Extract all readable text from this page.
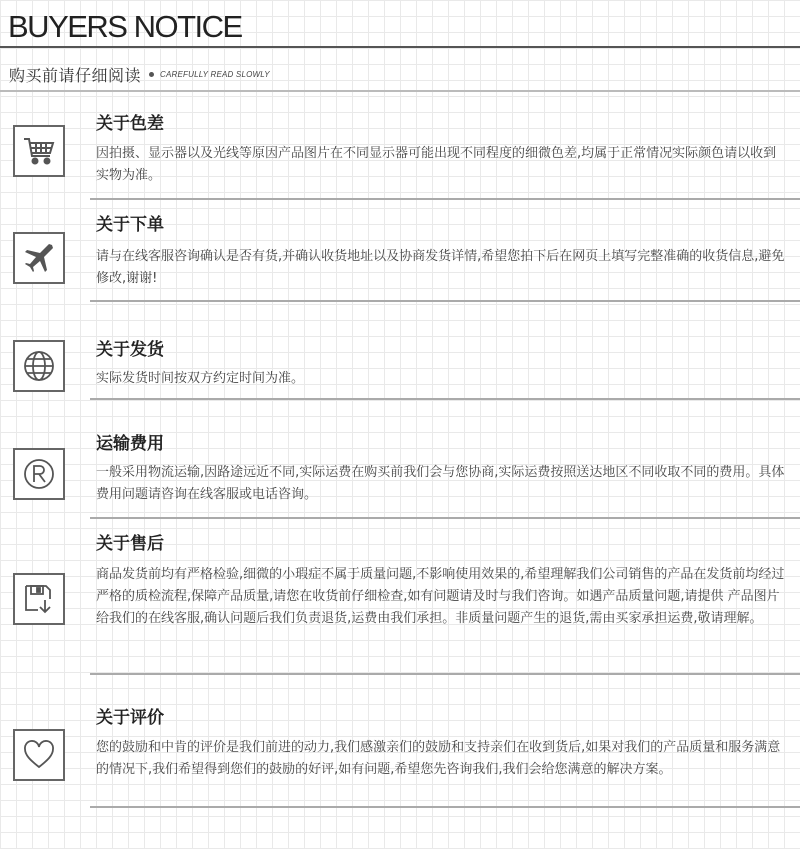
BUYERS NOTICE
购买前请仔细阅读 CAREFULLY READ SLOWLY
关于色差
因拍摄、显示器以及光线等原因产品图片在不同显示器可能出现不同程度的细微色差,均属于正常情况实际颜色请以收到实物为准。
关于下单
请与在线客服咨询确认是否有货,并确认收货地址以及协商发货详情,希望您拍下后在网页上填写完整准确的收货信息,避免修改,谢谢!
关于发货
实际发货时间按双方约定时间为准。
运输费用
一般采用物流运输,因路途远近不同,实际运费在购买前我们会与您协商,实际运费按照送达地区不同收取不同的费用。具体费用问题请咨询在线客服或电话咨询。
关于售后
商品发货前均有严格检验,细微的小瑕症不属于质量问题,不影响使用效果的,希望理解我们公司销售的产品在发货前均经过严格的质检流程,保障产品质量,请您在收货前仔细检查,如有问题请及时与我们咨询。如遇产品质量问题,请提供 产品图片给我们的在线客服,确认问题后我们负责退货,运费由我们承担。非质量问题产生的退货,需由买家承担运费,敬请理解。
关于评价
您的鼓励和中肯的评价是我们前进的动力,我们感激亲们的鼓励和支持亲们在收到货后,如果对我们的产品质量和服务满意的情况下,我们希望得到您们的鼓励的好评,如有问题,希望您先咨询我们,我们会给您满意的解决方案。
